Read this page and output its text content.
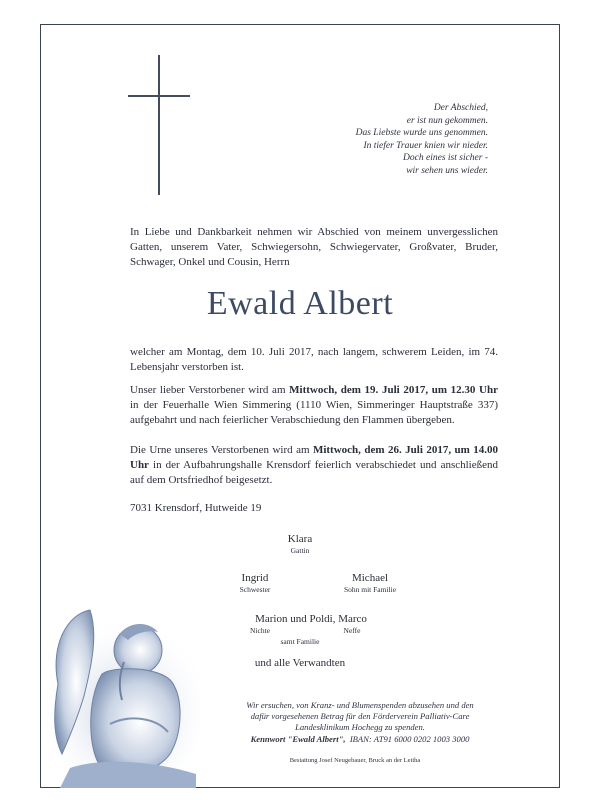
Der Abschied,
er ist nun gekommen.
Das Liebste wurde uns genommen.
In tiefer Trauer knien wir nieder.
Doch eines ist sicher -
wir sehen uns wieder.
In Liebe und Dankbarkeit nehmen wir Abschied von meinem unvergesslichen Gatten, unserem Vater, Schwiegersohn, Schwiegervater, Großvater, Bruder, Schwager, Onkel und Cousin, Herrn
Ewald Albert
welcher am Montag, dem 10. Juli 2017, nach langem, schwerem Leiden, im 74. Lebensjahr verstorben ist.
Unser lieber Verstorbener wird am Mittwoch, dem 19. Juli 2017, um 12.30 Uhr in der Feuerhalle Wien Simmering (1110 Wien, Simmeringer Hauptstraße 337) aufgebahrt und nach feierlicher Verabschiedung den Flammen übergeben.
Die Urne unseres Verstorbenen wird am Mittwoch, dem 26. Juli 2017, um 14.00 Uhr in der Aufbahrungshalle Krensdorf feierlich verabschiedet und anschließend auf dem Ortsfriedhof beigesetzt.
7031 Krensdorf, Hutweide 19
Klara
Gattin
Ingrid
Schwester
Michael
Sohn mit Familie
Marion und Poldi, Marco
Nichte	Neffe
samt Familie
und alle Verwandten
Wir ersuchen, von Kranz- und Blumenspenden abzusehen und den
dafür vorgesehenen Betrag für den Förderverein Palliativ-Care
Landesklinikum Hochegg zu spenden.
Kennwort "Ewald Albert", IBAN: AT91 6000 0202 1003 3000
Bestattung Josef Neugebauer, Bruck an der Leitha
